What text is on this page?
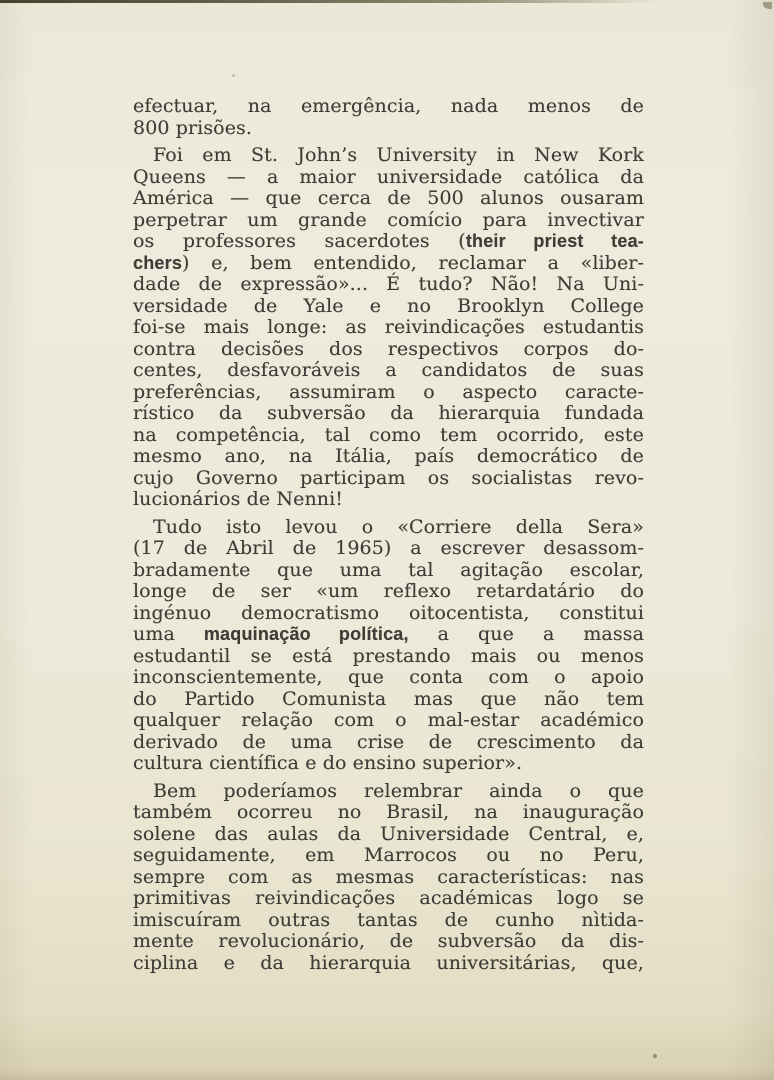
efectuar, na emergência, nada menos de
800 prisões.
Foi em St. John’s University in New Kork
Queens — a maior universidade católica da
América — que cerca de 500 alunos ousaram
perpetrar um grande comício para invectivar
os professores sacerdotes (their priest tea-
chers) e, bem entendido, reclamar a «liber-
dade de expressão»... É tudo? Não! Na Uni-
versidade de Yale e no Brooklyn College
foi-se mais longe: as reivindicações estudantis
contra decisões dos respectivos corpos do-
centes, desfavoráveis a candidatos de suas
preferências, assumiram o aspecto caracte-
rístico da subversão da hierarquia fundada
na competência, tal como tem ocorrido, este
mesmo ano, na Itália, país democrático de
cujo Governo participam os socialistas revo-
lucionários de Nenni!
Tudo isto levou o «Corriere della Sera»
(17 de Abril de 1965) a escrever desassom-
bradamente que uma tal agitação escolar,
longe de ser «um reflexo retardatário do
ingénuo democratismo oitocentista, constitui
uma maquinação política, a que a massa
estudantil se está prestando mais ou menos
inconscientemente, que conta com o apoio
do Partido Comunista mas que não tem
qualquer relação com o mal-estar académico
derivado de uma crise de crescimento da
cultura científica e do ensino superior».
Bem poderíamos relembrar ainda o que
também ocorreu no Brasil, na inauguração
solene das aulas da Universidade Central, e,
seguidamente, em Marrocos ou no Peru,
sempre com as mesmas características: nas
primitivas reivindicações académicas logo se
imiscuíram outras tantas de cunho nìtida-
mente revolucionário, de subversão da dis-
ciplina e da hierarquia universitárias, que,
